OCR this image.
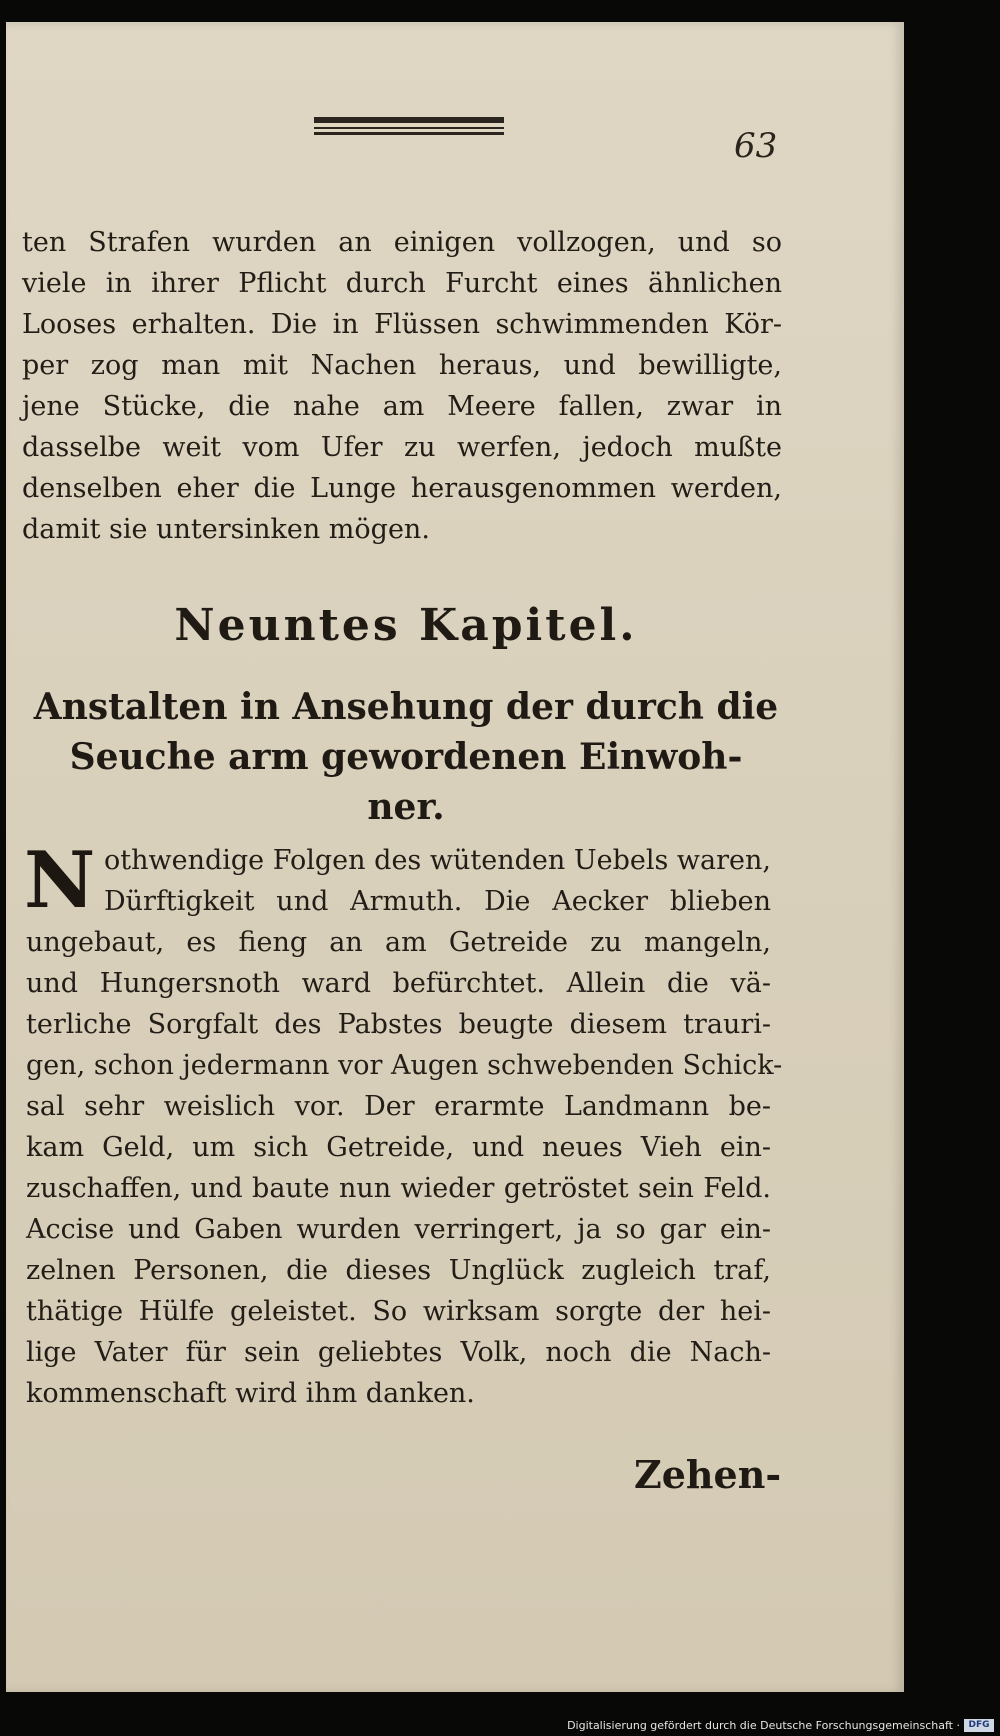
63
ten Strafen wurden an einigen vollzogen, und so
viele in ihrer Pflicht durch Furcht eines ähnlichen
Looses erhalten. Die in Flüssen schwimmenden Kör-
per zog man mit Nachen heraus, und bewilligte,
jene Stücke, die nahe am Meere fallen, zwar in
dasselbe weit vom Ufer zu werfen, jedoch mußte
denselben eher die Lunge herausgenommen werden,
damit sie untersinken mögen.
Neuntes Kapitel.
Anstalten in Ansehung der durch die
Seuche arm gewordenen Einwoh-
ner.
N othwendige Folgen des wütenden Uebels waren,
Dürftigkeit und Armuth. Die Aecker blieben
ungebaut, es fieng an am Getreide zu mangeln,
und Hungersnoth ward befürchtet. Allein die vä-
terliche Sorgfalt des Pabstes beugte diesem trauri-
gen, schon jedermann vor Augen schwebenden Schick-
sal sehr weislich vor. Der erarmte Landmann be-
kam Geld, um sich Getreide, und neues Vieh ein-
zuschaffen, und baute nun wieder getröstet sein Feld.
Accise und Gaben wurden verringert, ja so gar ein-
zelnen Personen, die dieses Unglück zugleich traf,
thätige Hülfe geleistet. So wirksam sorgte der hei-
lige Vater für sein geliebtes Volk, noch die Nach-
kommenschaft wird ihm danken.
Zehen-
Digitalisierung gefördert durch die Deutsche Forschungsgemeinschaft · DFG
